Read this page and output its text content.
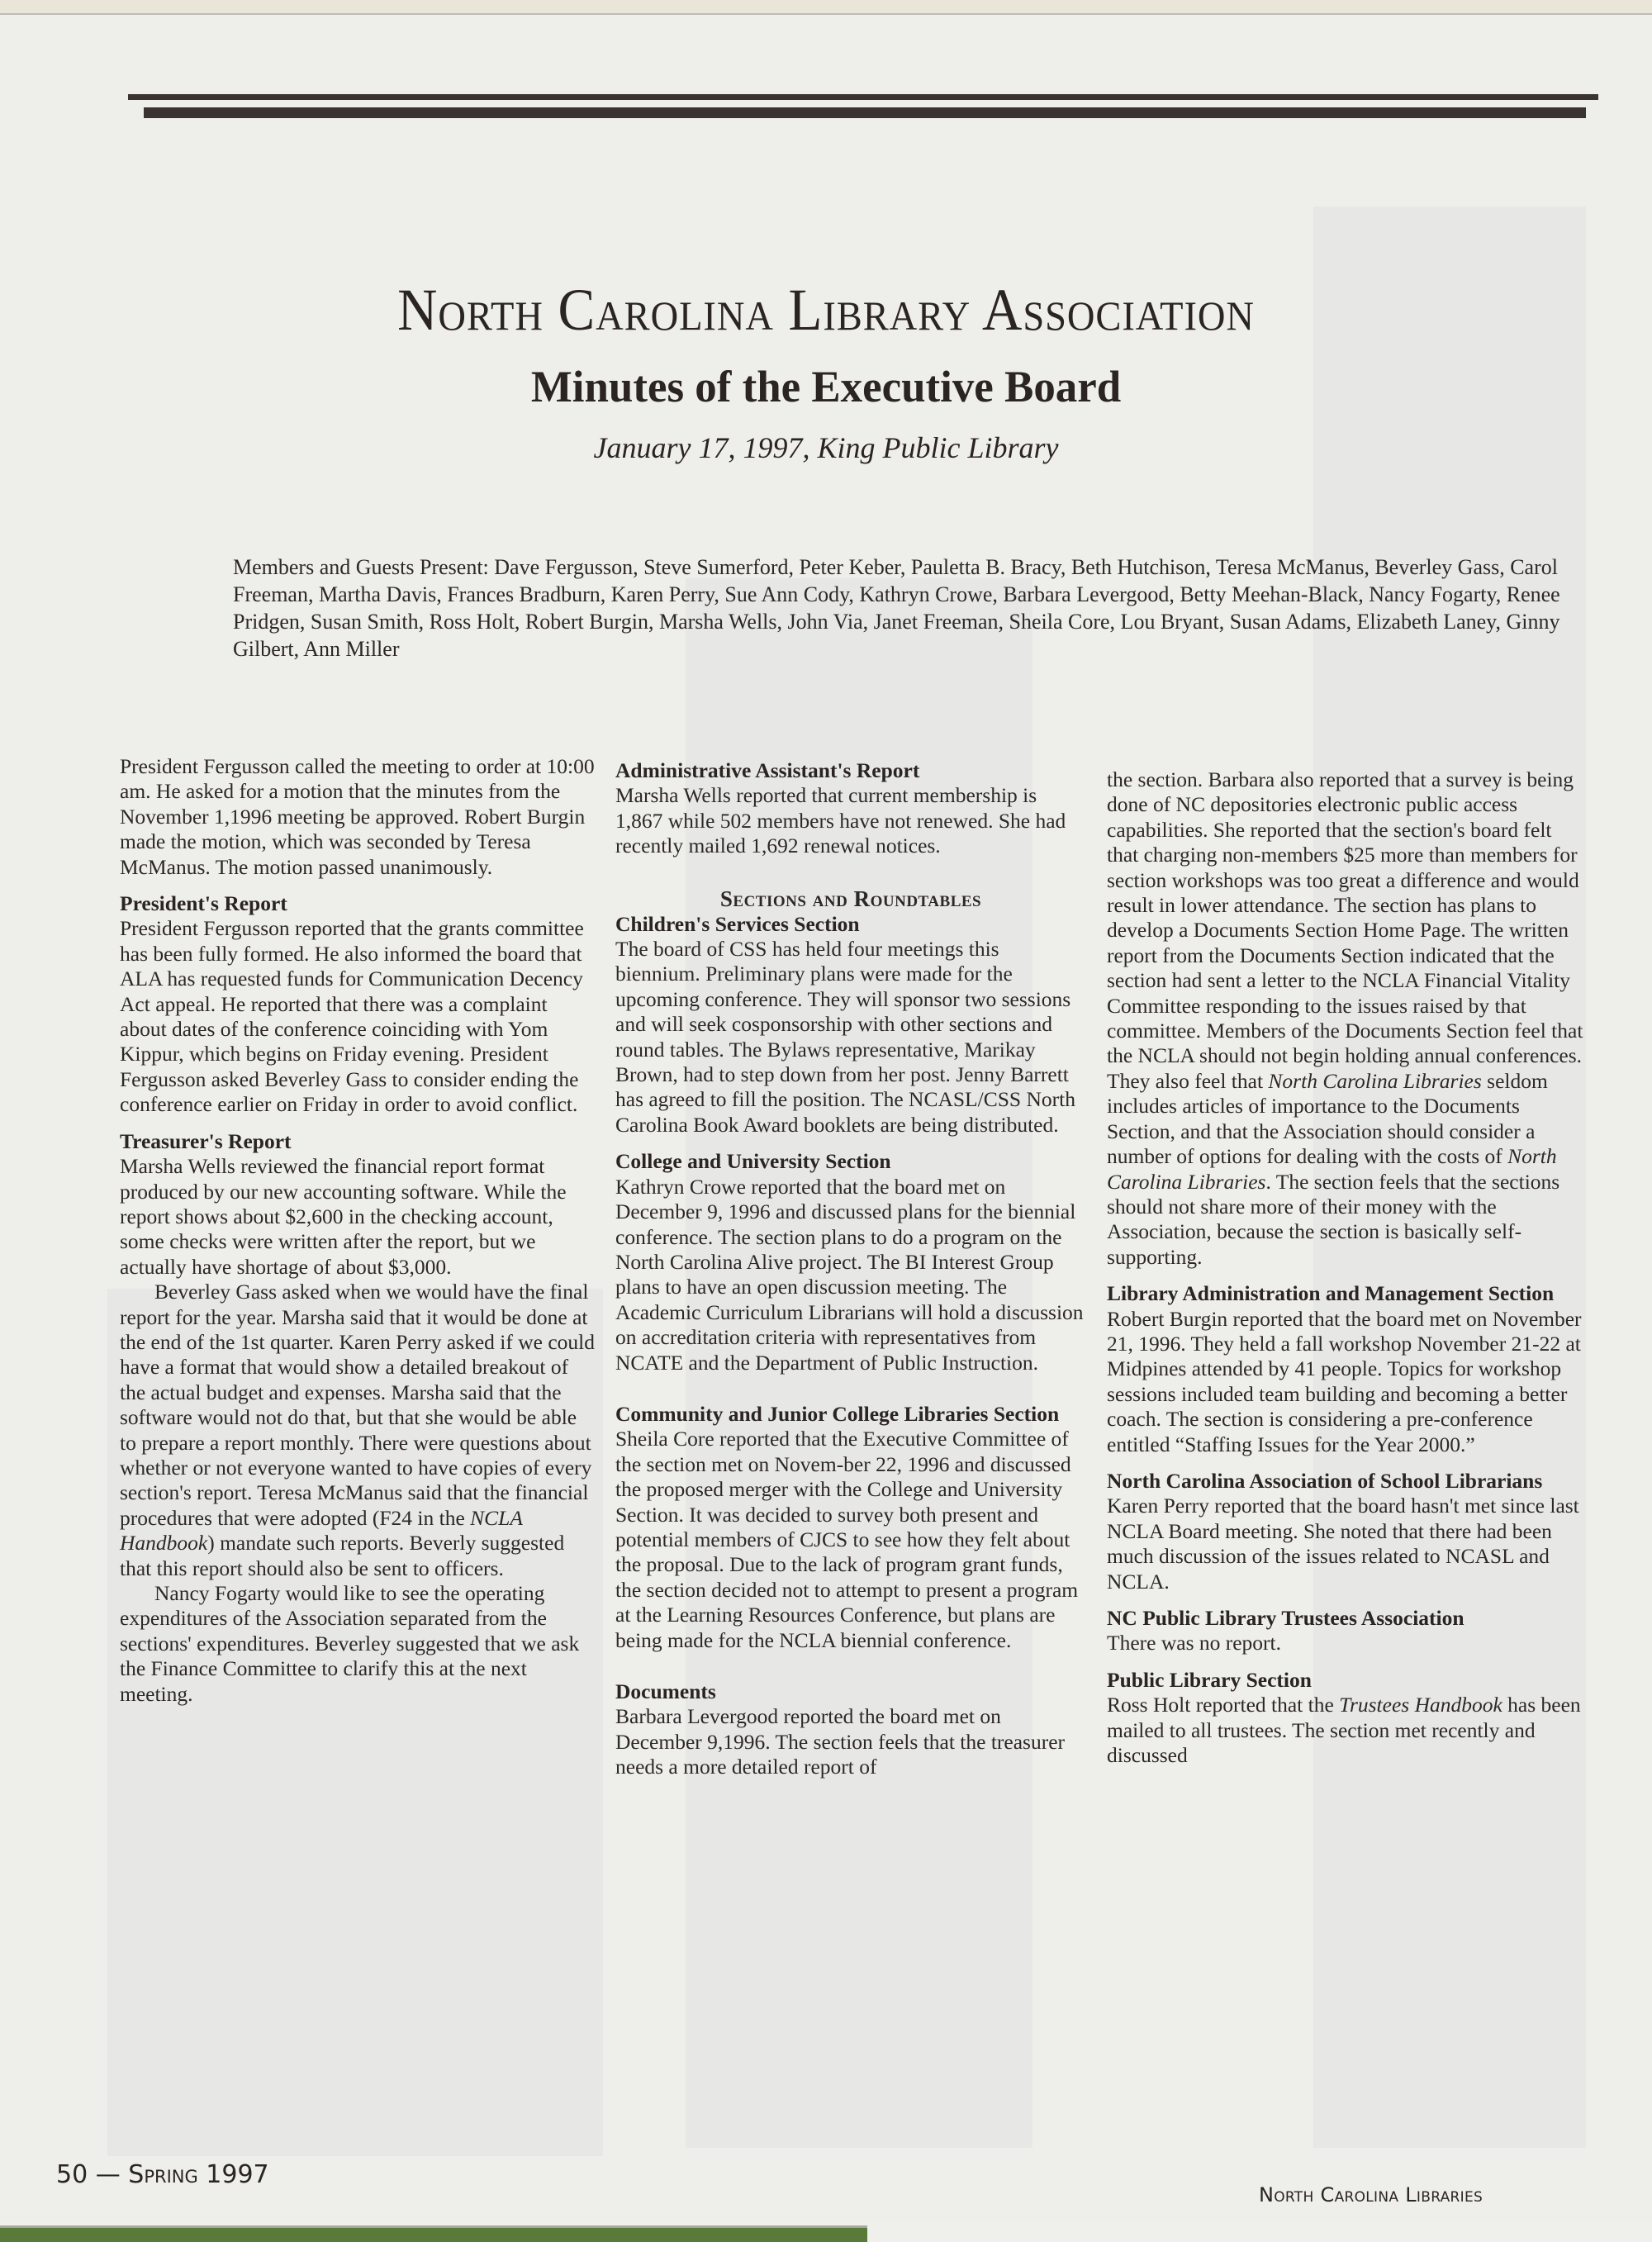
North Carolina Library Association
Minutes of the Executive Board
January 17, 1997, King Public Library
Members and Guests Present: Dave Fergusson, Steve Sumerford, Peter Keber, Pauletta B. Bracy, Beth Hutchison, Teresa McManus, Beverley Gass, Carol Freeman, Martha Davis, Frances Bradburn, Karen Perry, Sue Ann Cody, Kathryn Crowe, Barbara Levergood, Betty Meehan-Black, Nancy Fogarty, Renee Pridgen, Susan Smith, Ross Holt, Robert Burgin, Marsha Wells, John Via, Janet Freeman, Sheila Core, Lou Bryant, Susan Adams, Elizabeth Laney, Ginny Gilbert, Ann Miller

President Fergusson called the meeting to order at 10:00 am. He asked for a motion that the minutes from the November 1,1996 meeting be approved. Robert Burgin made the motion, which was seconded by Teresa McManus. The motion passed unanimously.

President's Report

President Fergusson reported that the grants committee has been fully formed. He also informed the board that ALA has requested funds for Communication Decency Act appeal. He reported that there was a complaint about dates of the conference coinciding with Yom Kippur, which begins on Friday evening. President Fergusson asked Beverley Gass to consider ending the conference earlier on Friday in order to avoid conflict.

Treasurer's Report

Marsha Wells reviewed the financial report format produced by our new accounting software. While the report shows about $2,600 in the checking account, some checks were written after the report, but we actually have shortage of about $3,000.

Beverley Gass asked when we would have the final report for the year. Marsha said that it would be done at the end of the 1st quarter. Karen Perry asked if we could have a format that would show a detailed breakout of the actual budget and expenses. Marsha said that the software would not do that, but that she would be able to prepare a report monthly. There were questions about whether or not everyone wanted to have copies of every section's report. Teresa McManus said that the financial procedures that were adopted (F24 in the NCLA Handbook) mandate such reports. Beverly suggested that this report should also be sent to officers.

Nancy Fogarty would like to see the operating expenditures of the Association separated from the sections' expenditures. Beverley suggested that we ask the Finance Committee to clarify this at the next meeting.

Administrative Assistant's Report

Marsha Wells reported that current membership is 1,867 while 502 members have not renewed. She had recently mailed 1,692 renewal notices.

Sections and Roundtables
Children's Services Section

The board of CSS has held four meetings this biennium. Preliminary plans were made for the upcoming conference. They will sponsor two sessions and will seek cosponsorship with other sections and round tables. The Bylaws representative, Marikay Brown, had to step down from her post. Jenny Barrett has agreed to fill the position. The NCASL/CSS North Carolina Book Award booklets are being distributed.

College and University Section

Kathryn Crowe reported that the board met on December 9, 1996 and discussed plans for the biennial conference. The section plans to do a program on the North Carolina Alive project. The BI Interest Group plans to have an open discussion meeting. The Academic Curriculum Librarians will hold a discussion on accreditation criteria with representatives from NCATE and the Department of Public Instruction.

Community and Junior College Libraries Section

Sheila Core reported that the Executive Committee of the section met on Novem-ber 22, 1996 and discussed the proposed merger with the College and University Section. It was decided to survey both present and potential members of CJCS to see how they felt about the proposal. Due to the lack of program grant funds, the section decided not to attempt to present a program at the Learning Resources Conference, but plans are being made for the NCLA biennial conference.

Documents

Barbara Levergood reported the board met on December 9,1996. The section feels that the treasurer needs a more detailed report of

the section. Barbara also reported that a survey is being done of NC depositories electronic public access capabilities. She reported that the section's board felt that charging non-members $25 more than members for section workshops was too great a difference and would result in lower attendance. The section has plans to develop a Documents Section Home Page. The written report from the Documents Section indicated that the section had sent a letter to the NCLA Financial Vitality Committee responding to the issues raised by that committee. Members of the Documents Section feel that the NCLA should not begin holding annual conferences. They also feel that North Carolina Libraries seldom includes articles of importance to the Documents Section, and that the Association should consider a number of options for dealing with the costs of North Carolina Libraries. The section feels that the sections should not share more of their money with the Association, because the section is basically self-supporting.

Library Administration and Management Section

Robert Burgin reported that the board met on November 21, 1996. They held a fall workshop November 21-22 at Midpines attended by 41 people. Topics for workshop sessions included team building and becoming a better coach. The section is considering a pre-conference entitled “Staffing Issues for the Year 2000.”

North Carolina Association of School Librarians

Karen Perry reported that the board hasn't met since last NCLA Board meeting. She noted that there had been much discussion of the issues related to NCASL and NCLA.

NC Public Library Trustees Association

There was no report.

Public Library Section

Ross Holt reported that the Trustees Handbook has been mailed to all trustees. The section met recently and discussed

50 — Spring 1997
North Carolina Libraries
